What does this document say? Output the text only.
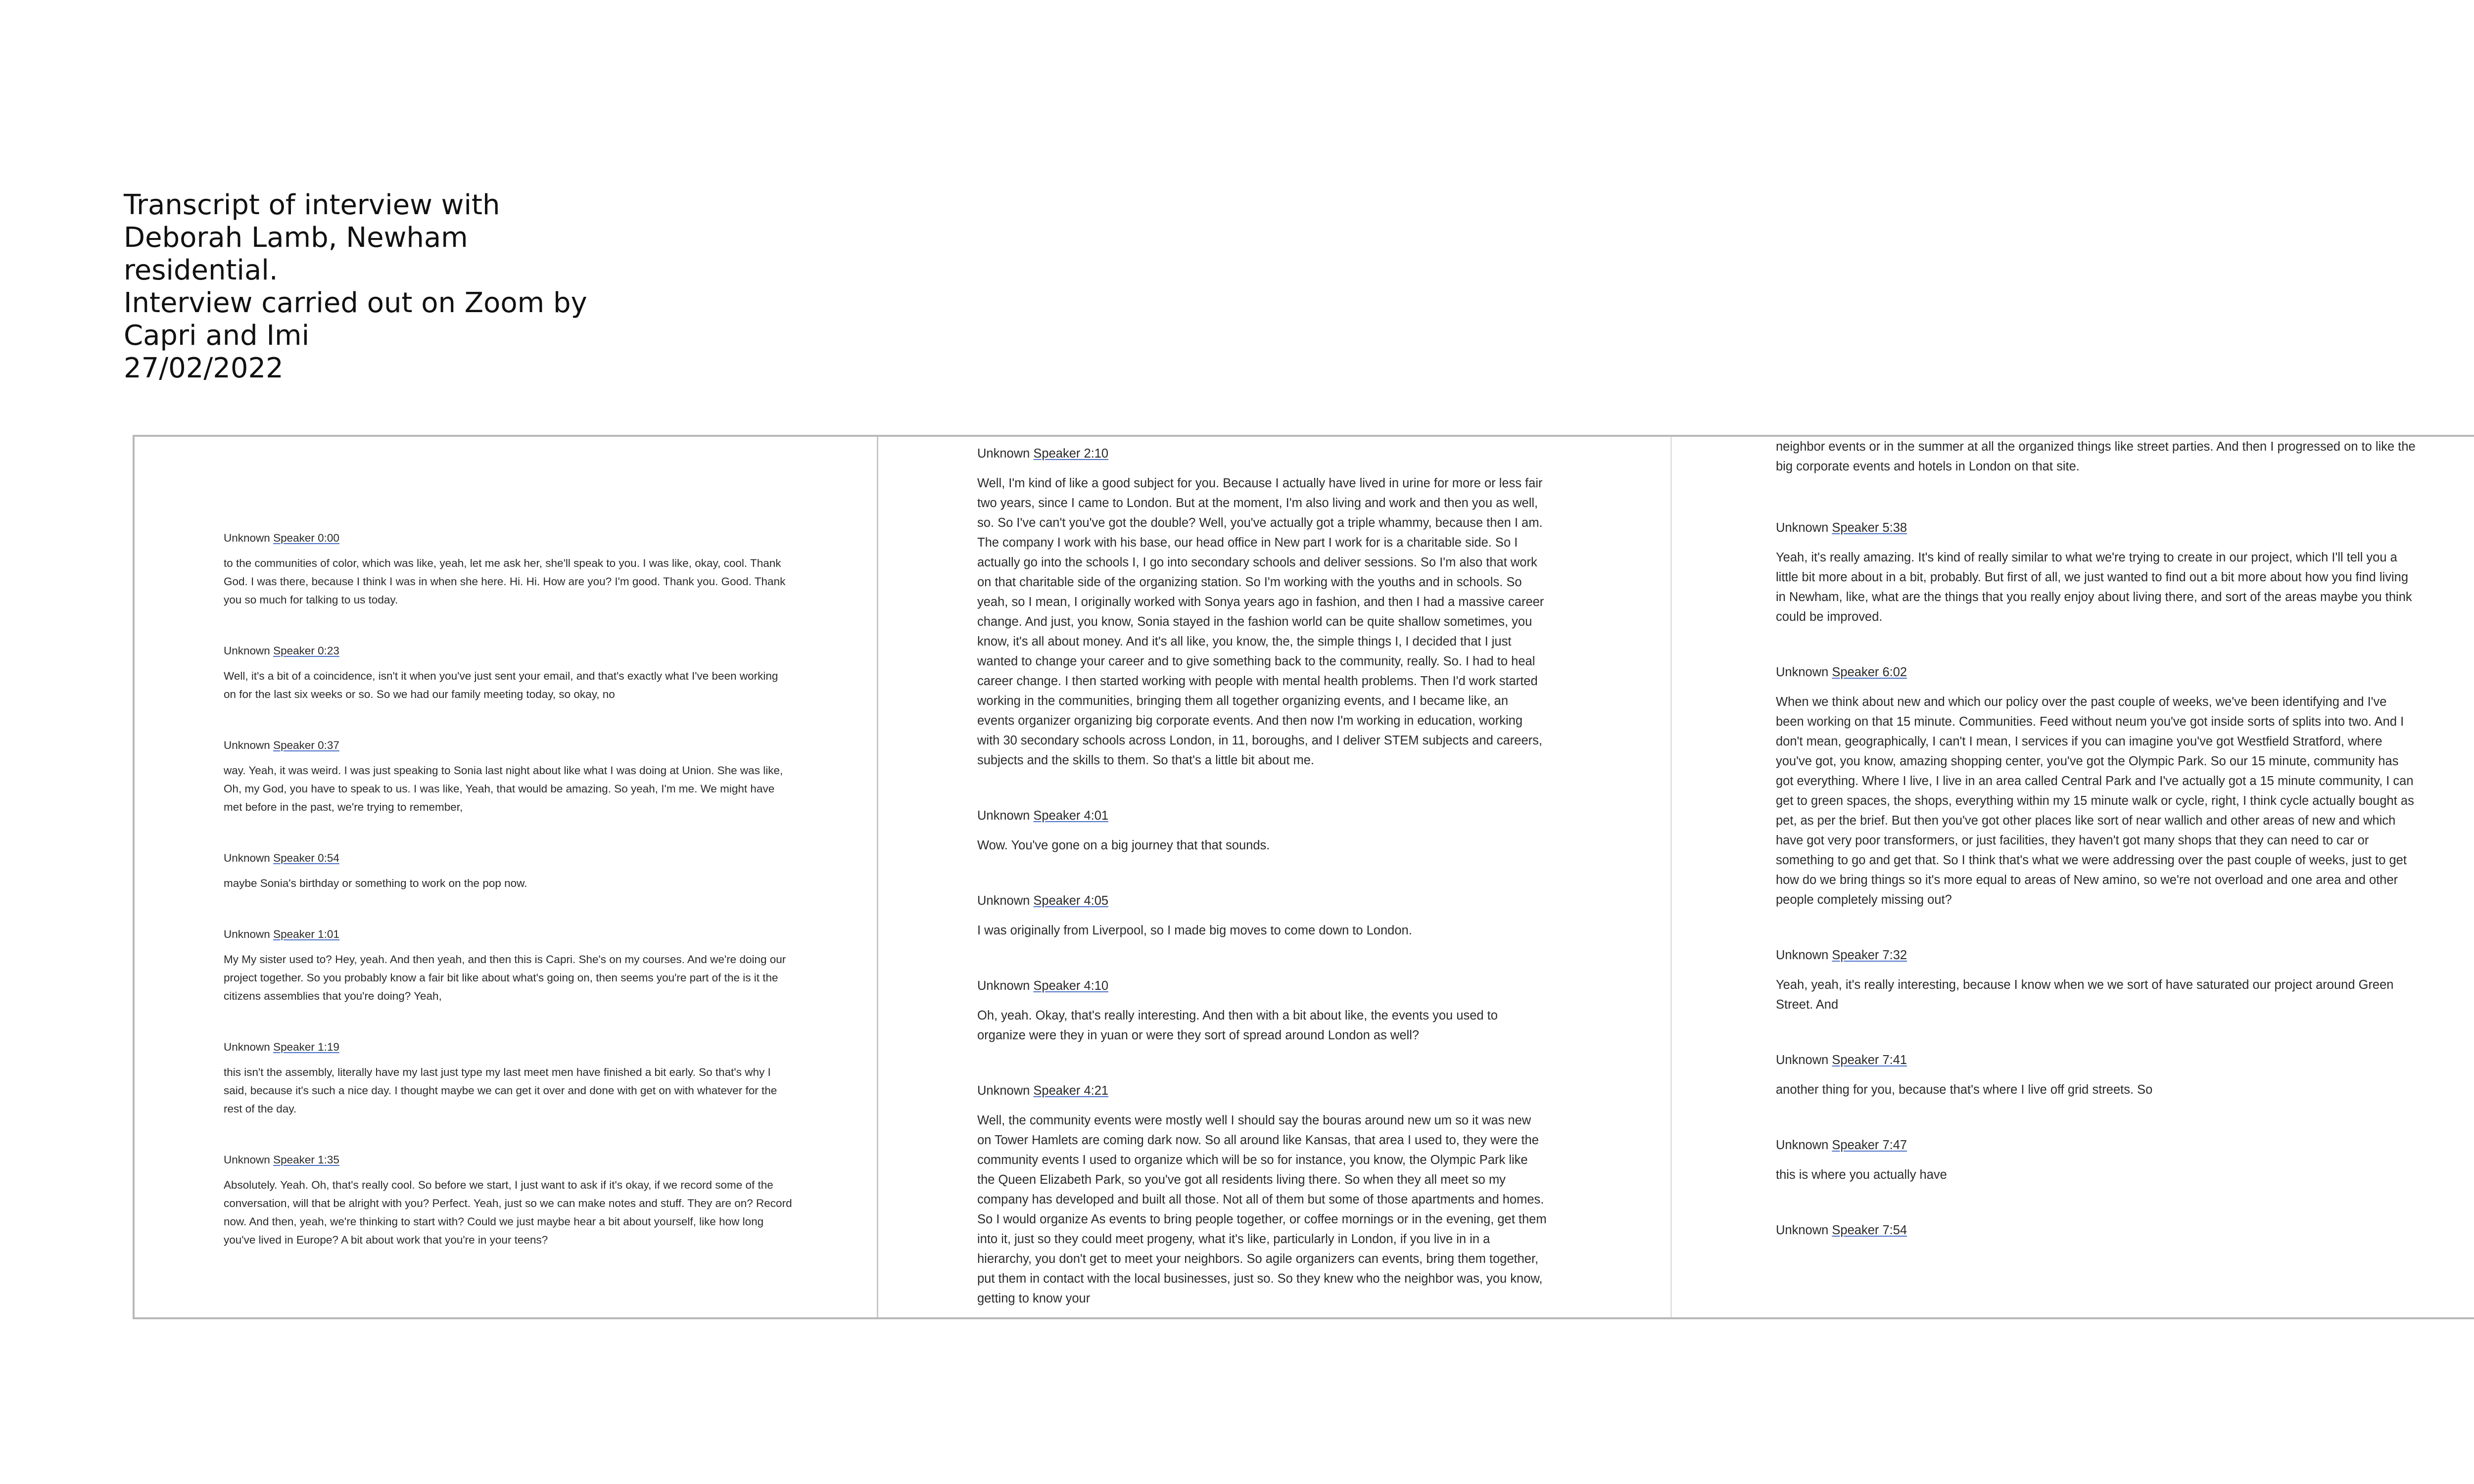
Transcript of interview with
Deborah Lamb, Newham
residential.
Interview carried out on Zoom by
Capri and Imi
27/02/2022

Unknown Speaker 0:00

to the communities of color, which was like, yeah, let me ask her, she'll speak to you. I was like, okay, cool. Thank God. I was there, because I think I was in when she here. Hi. Hi. How are you? I'm good. Thank you. Good. Thank you so much for talking to us today.

Unknown Speaker 0:23

Well, it's a bit of a coincidence, isn't it when you've just sent your email, and that's exactly what I've been working on for the last six weeks or so. So we had our family meeting today, so okay, no

Unknown Speaker 0:37

way. Yeah, it was weird. I was just speaking to Sonia last night about like what I was doing at Union. She was like, Oh, my God, you have to speak to us. I was like, Yeah, that would be amazing. So yeah, I'm me. We might have met before in the past, we're trying to remember,

Unknown Speaker 0:54

maybe Sonia's birthday or something to work on the pop now.

Unknown Speaker 1:01

My My sister used to? Hey, yeah. And then yeah, and then this is Capri. She's on my courses. And we're doing our project together. So you probably know a fair bit like about what's going on, then seems you're part of the is it the citizens assemblies that you're doing? Yeah,

Unknown Speaker 1:19

this isn't the assembly, literally have my last just type my last meet men have finished a bit early. So that's why I said, because it's such a nice day. I thought maybe we can get it over and done with get on with whatever for the rest of the day.

Unknown Speaker 1:35

Absolutely. Yeah. Oh, that's really cool. So before we start, I just want to ask if it's okay, if we record some of the conversation, will that be alright with you? Perfect. Yeah, just so we can make notes and stuff. They are on? Record now. And then, yeah, we're thinking to start with? Could we just maybe hear a bit about yourself, like how long you've lived in Europe? A bit about work that you're in your teens?

Unknown Speaker 2:10

Well, I'm kind of like a good subject for you. Because I actually have lived in urine for more or less fair two years, since I came to London. But at the moment, I'm also living and work and then you as well, so. So I've can't you've got the double? Well, you've actually got a triple whammy, because then I am. The company I work with his base, our head office in New part I work for is a charitable side. So I actually go into the schools I, I go into secondary schools and deliver sessions. So I'm also that work on that charitable side of the organizing station. So I'm working with the youths and in schools. So yeah, so I mean, I originally worked with Sonya years ago in fashion, and then I had a massive career change. And just, you know, Sonia stayed in the fashion world can be quite shallow sometimes, you know, it's all about money. And it's all like, you know, the, the simple things I, I decided that I just wanted to change your career and to give something back to the community, really. So. I had to heal career change. I then started working with people with mental health problems. Then I'd work started working in the communities, bringing them all together organizing events, and I became like, an events organizer organizing big corporate events. And then now I'm working in education, working with 30 secondary schools across London, in 11, boroughs, and I deliver STEM subjects and careers, subjects and the skills to them. So that's a little bit about me.

Unknown Speaker 4:01

Wow. You've gone on a big journey that that sounds.

Unknown Speaker 4:05

I was originally from Liverpool, so I made big moves to come down to London.

Unknown Speaker 4:10

Oh, yeah. Okay, that's really interesting. And then with a bit about like, the events you used to organize were they in yuan or were they sort of spread around London as well?

Unknown Speaker 4:21

Well, the community events were mostly well I should say the bouras around new um so it was new on Tower Hamlets are coming dark now. So all around like Kansas, that area I used to, they were the community events I used to organize which will be so for instance, you know, the Olympic Park like the Queen Elizabeth Park, so you've got all residents living there. So when they all meet so my company has developed and built all those. Not all of them but some of those apartments and homes. So I would organize As events to bring people together, or coffee mornings or in the evening, get them into it, just so they could meet progeny, what it's like, particularly in London, if you live in in a hierarchy, you don't get to meet your neighbors. So agile organizers can events, bring them together, put them in contact with the local businesses, just so. So they knew who the neighbor was, you know, getting to know your

neighbor events or in the summer at all the organized things like street parties. And then I progressed on to like the big corporate events and hotels in London on that site.

Unknown Speaker 5:38

Yeah, it's really amazing. It's kind of really similar to what we're trying to create in our project, which I'll tell you a little bit more about in a bit, probably. But first of all, we just wanted to find out a bit more about how you find living in Newham, like, what are the things that you really enjoy about living there, and sort of the areas maybe you think could be improved.

Unknown Speaker 6:02

When we think about new and which our policy over the past couple of weeks, we've been identifying and I've been working on that 15 minute. Communities. Feed without neum you've got inside sorts of splits into two. And I don't mean, geographically, I can't I mean, I services if you can imagine you've got Westfield Stratford, where you've got, you know, amazing shopping center, you've got the Olympic Park. So our 15 minute, community has got everything. Where I live, I live in an area called Central Park and I've actually got a 15 minute community, I can get to green spaces, the shops, everything within my 15 minute walk or cycle, right, I think cycle actually bought as pet, as per the brief. But then you've got other places like sort of near wallich and other areas of new and which have got very poor transformers, or just facilities, they haven't got many shops that they can need to car or something to go and get that. So I think that's what we were addressing over the past couple of weeks, just to get how do we bring things so it's more equal to areas of New amino, so we're not overload and one area and other people completely missing out?

Unknown Speaker 7:32

Yeah, yeah, it's really interesting, because I know when we we sort of have saturated our project around Green Street. And

Unknown Speaker 7:41

another thing for you, because that's where I live off grid streets. So

Unknown Speaker 7:47

this is where you actually have

Unknown Speaker 7:54
